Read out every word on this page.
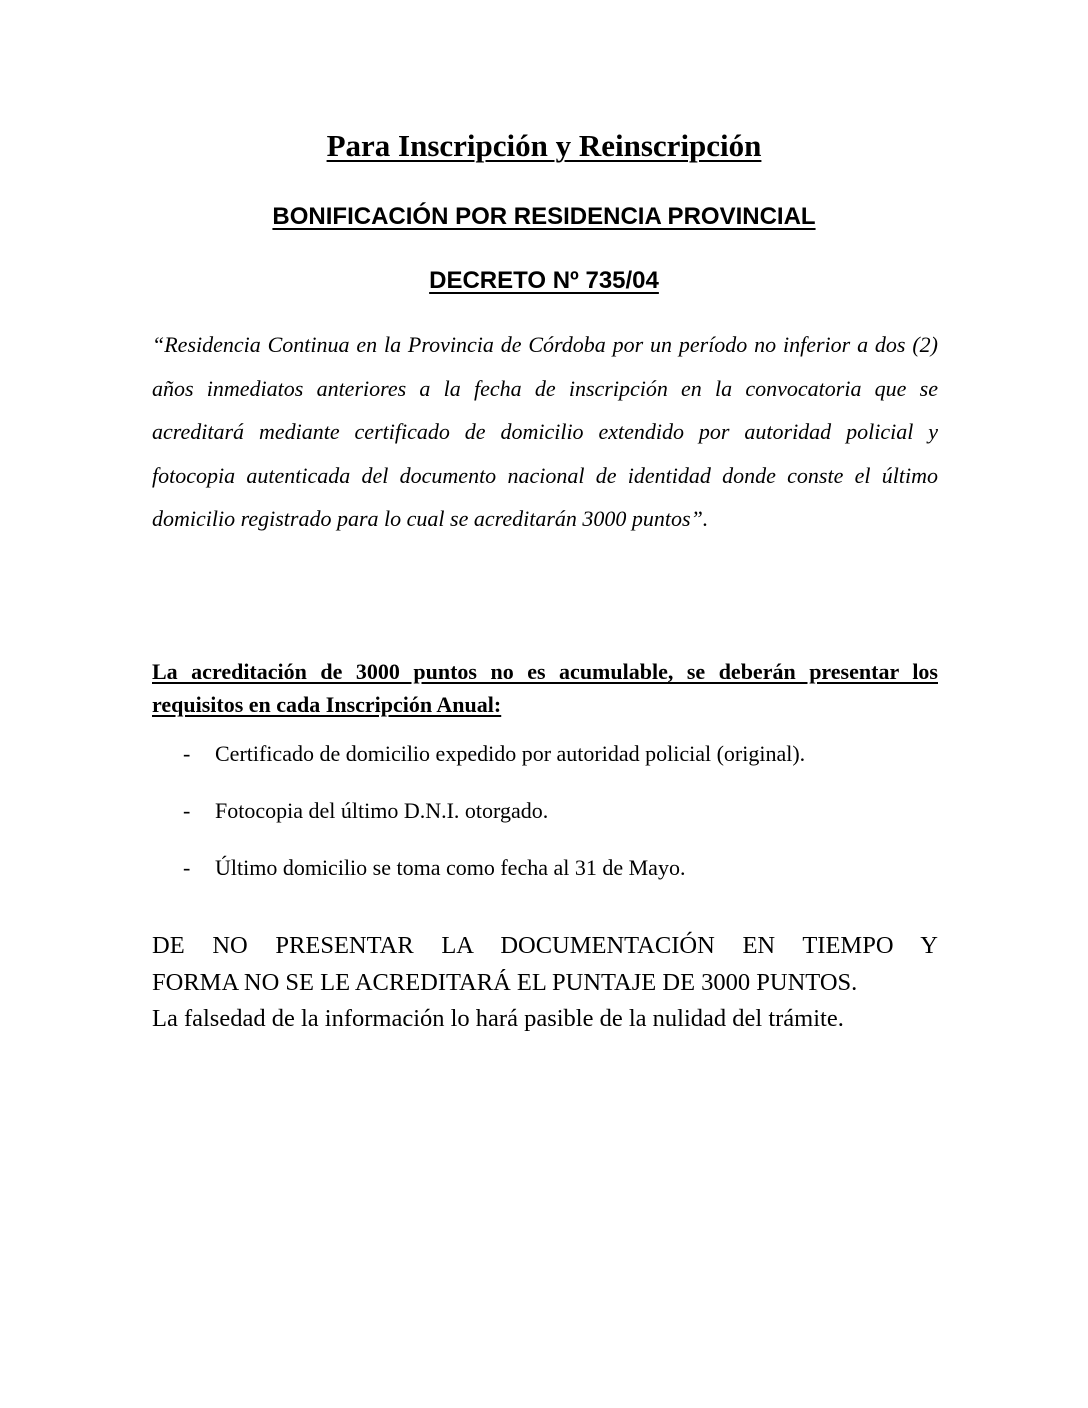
Para Inscripción y Reinscripción
BONIFICACIÓN POR RESIDENCIA PROVINCIAL
DECRETO Nº 735/04

“Residencia Continua en la Provincia de Córdoba por un período no inferior a dos (2) años inmediatos anteriores a la fecha de inscripción en la convocatoria que se acreditará mediante certificado de domicilio extendido por autoridad policial y fotocopia autenticada del documento nacional de identidad donde conste el último domicilio registrado para lo cual se acreditarán 3000 puntos”.

La acreditación de 3000 puntos no es acumulable, se deberán presentar los requisitos en cada Inscripción Anual:

- Certificado de domicilio expedido por autoridad policial (original).
- Fotocopia del último D.N.I. otorgado.
- Último domicilio se toma como fecha al 31 de Mayo.
DE NO PRESENTAR LA DOCUMENTACIÓN EN TIEMPO Y
FORMA NO SE LE ACREDITARÁ EL PUNTAJE DE 3000 PUNTOS.
La falsedad de la información lo hará pasible de la nulidad del trámite.
